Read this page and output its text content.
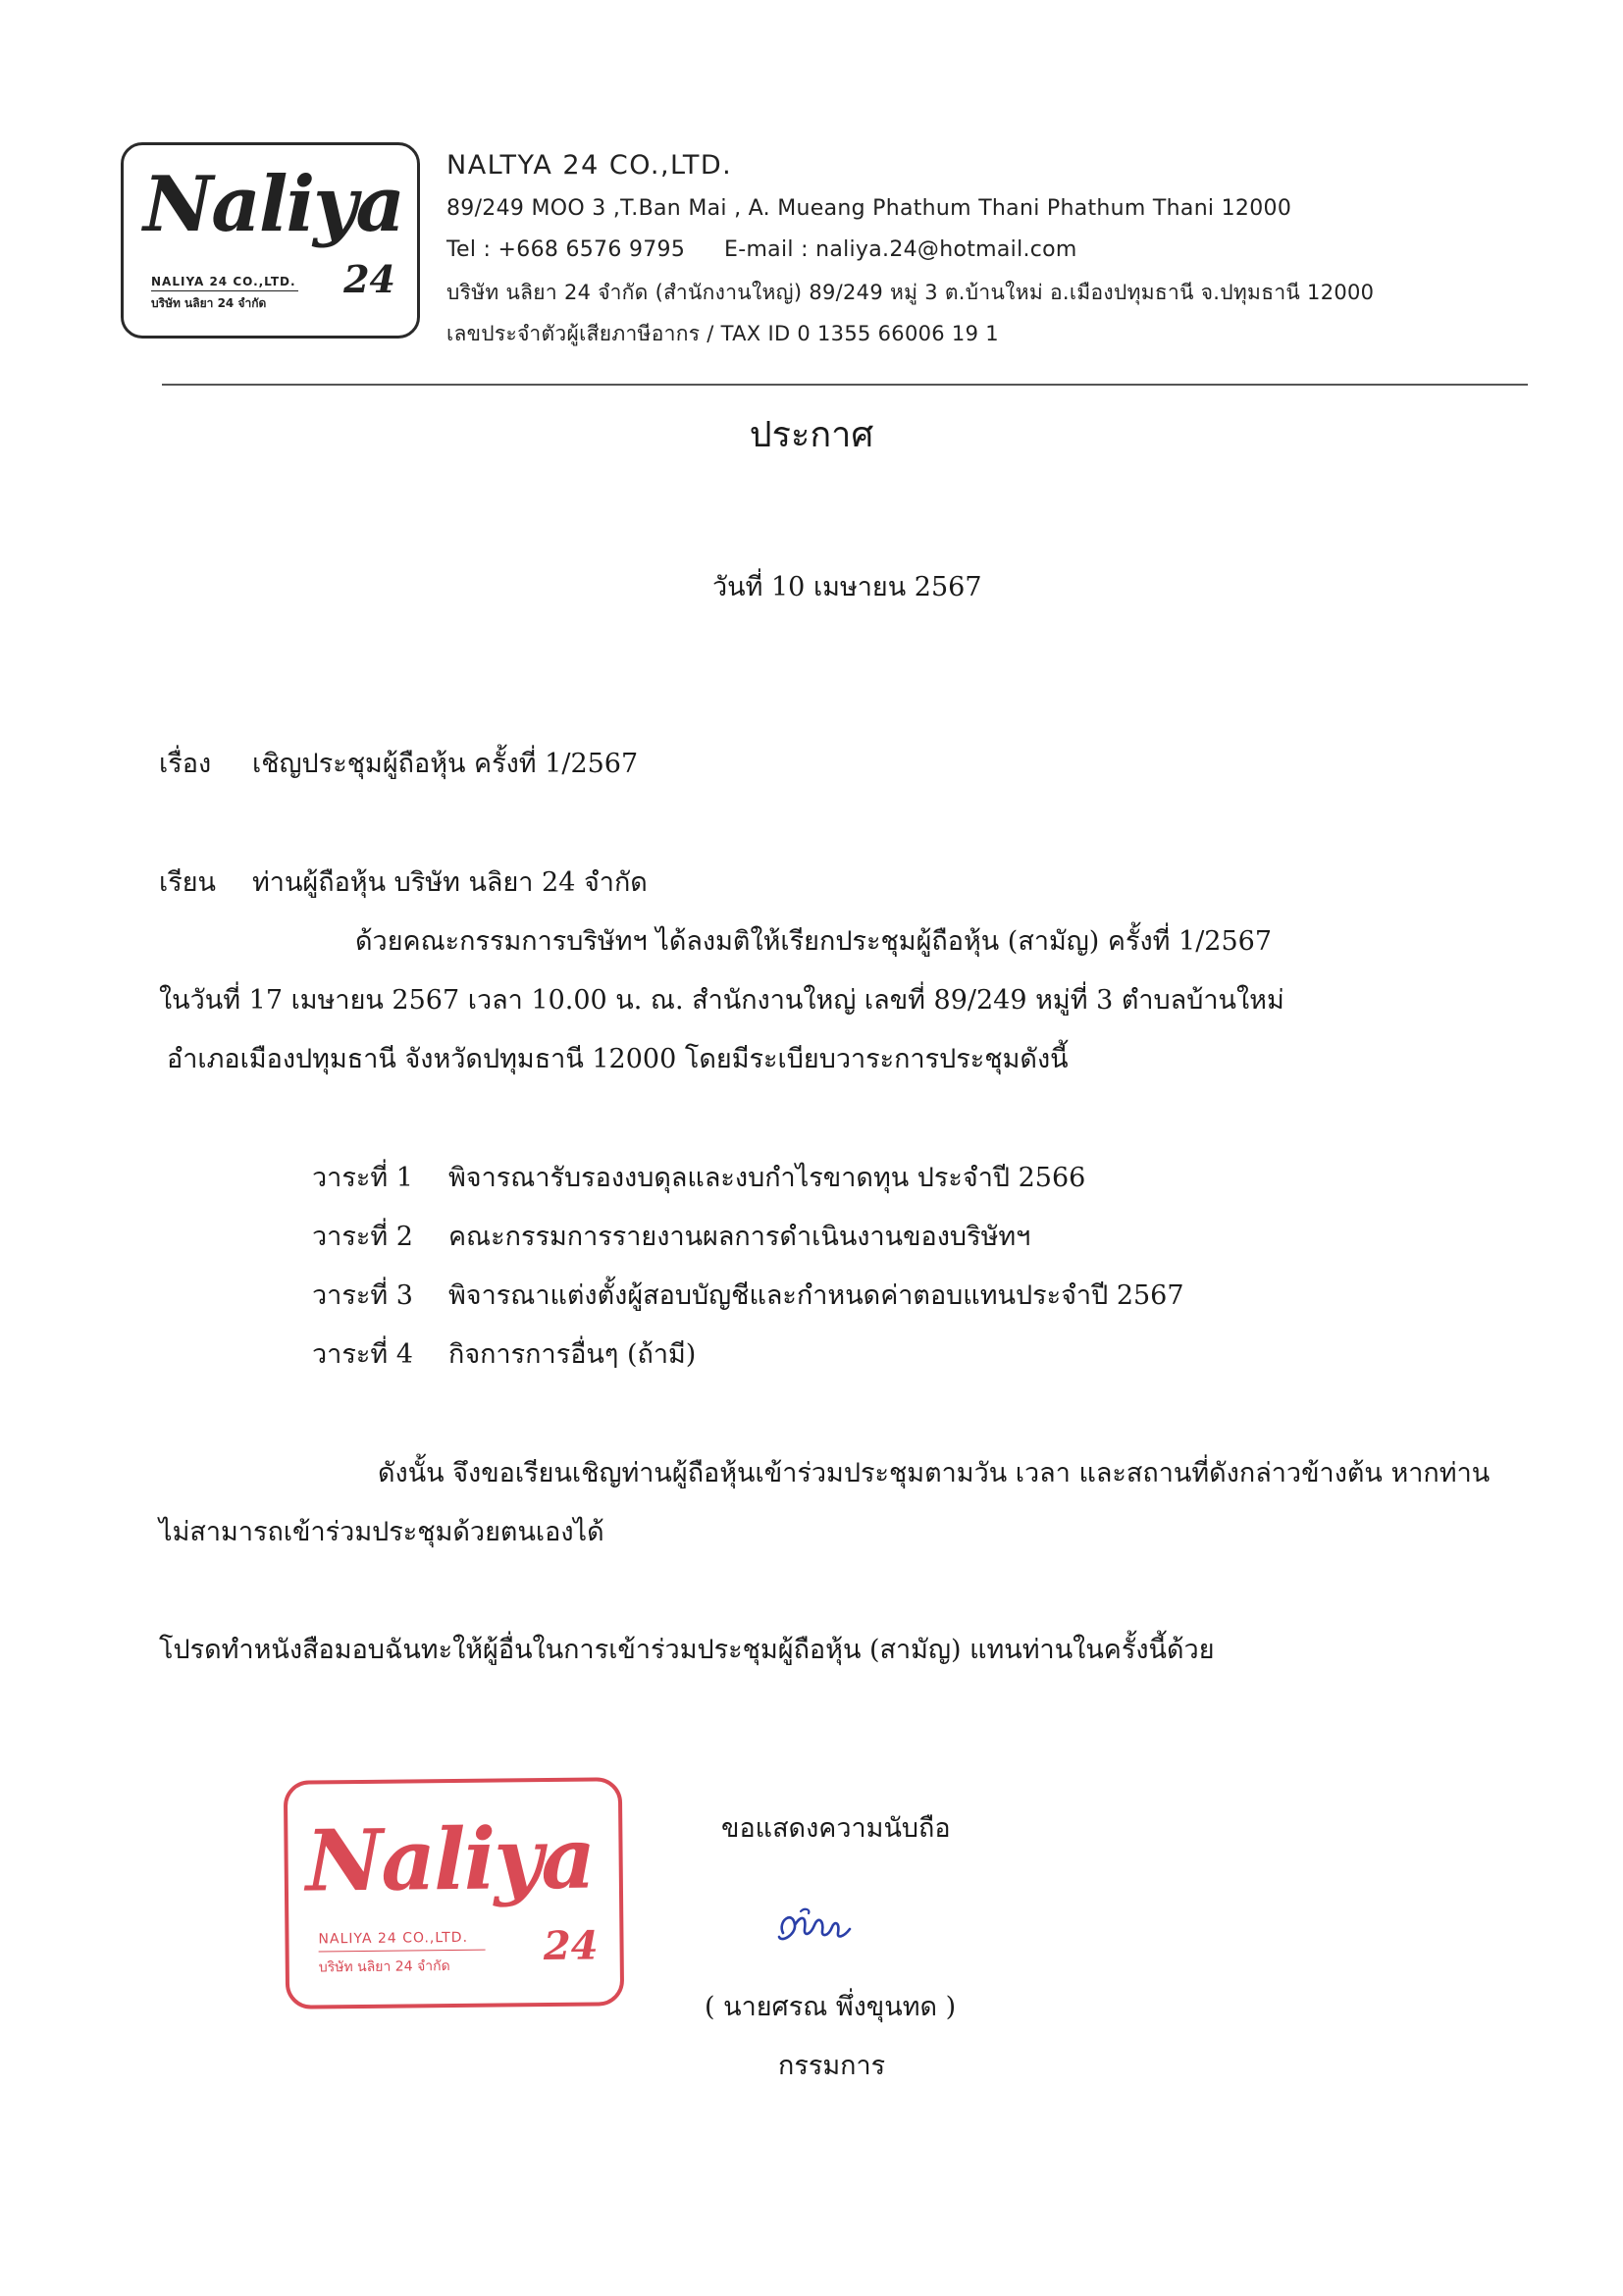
Naliya
NALIYA 24 CO.,LTD.
บริษัท นลิยา 24 จำกัด
24
NALTYA 24 CO.,LTD.
89/249 MOO 3 ,T.Ban Mai , A. Mueang Phathum Thani Phathum Thani 12000
Tel : +668 6576 9795 E-mail : naliya.24@hotmail.com
บริษัท นลิยา 24 จำกัด (สำนักงานใหญ่) 89/249 หมู่ 3 ต.บ้านใหม่ อ.เมืองปทุมธานี จ.ปทุมธานี 12000
เลขประจำตัวผู้เสียภาษีอากร / TAX ID 0 1355 66006 19 1
ประกาศ
วันที่ 10 เมษายน 2567
เรื่อง เชิญประชุมผู้ถือหุ้น ครั้งที่ 1/2567
เรียน ท่านผู้ถือหุ้น บริษัท นลิยา 24 จำกัด
ด้วยคณะกรรมการบริษัทฯ ได้ลงมติให้เรียกประชุมผู้ถือหุ้น (สามัญ) ครั้งที่ 1/2567
ในวันที่ 17 เมษายน 2567 เวลา 10.00 น. ณ. สำนักงานใหญ่ เลขที่ 89/249 หมู่ที่ 3 ตำบลบ้านใหม่
อำเภอเมืองปทุมธานี จังหวัดปทุมธานี 12000 โดยมีระเบียบวาระการประชุมดังนี้
วาระที่ 1 พิจารณารับรองงบดุลและงบกำไรขาดทุน ประจำปี 2566
วาระที่ 2 คณะกรรมการรายงานผลการดำเนินงานของบริษัทฯ
วาระที่ 3 พิจารณาแต่งตั้งผู้สอบบัญชีและกำหนดค่าตอบแทนประจำปี 2567
วาระที่ 4 กิจการการอื่นๆ (ถ้ามี)
ดังนั้น จึงขอเรียนเชิญท่านผู้ถือหุ้นเข้าร่วมประชุมตามวัน เวลา และสถานที่ดังกล่าวข้างต้น หากท่าน
ไม่สามารถเข้าร่วมประชุมด้วยตนเองได้
โปรดทำหนังสือมอบฉันทะให้ผู้อื่นในการเข้าร่วมประชุมผู้ถือหุ้น (สามัญ) แทนท่านในครั้งนี้ด้วย
Naliya
NALIYA 24 CO.,LTD.
บริษัท นลิยา 24 จำกัด 24
ขอแสดงความนับถือ
( นายศรณ พึ่งขุนทด )
กรรมการ
